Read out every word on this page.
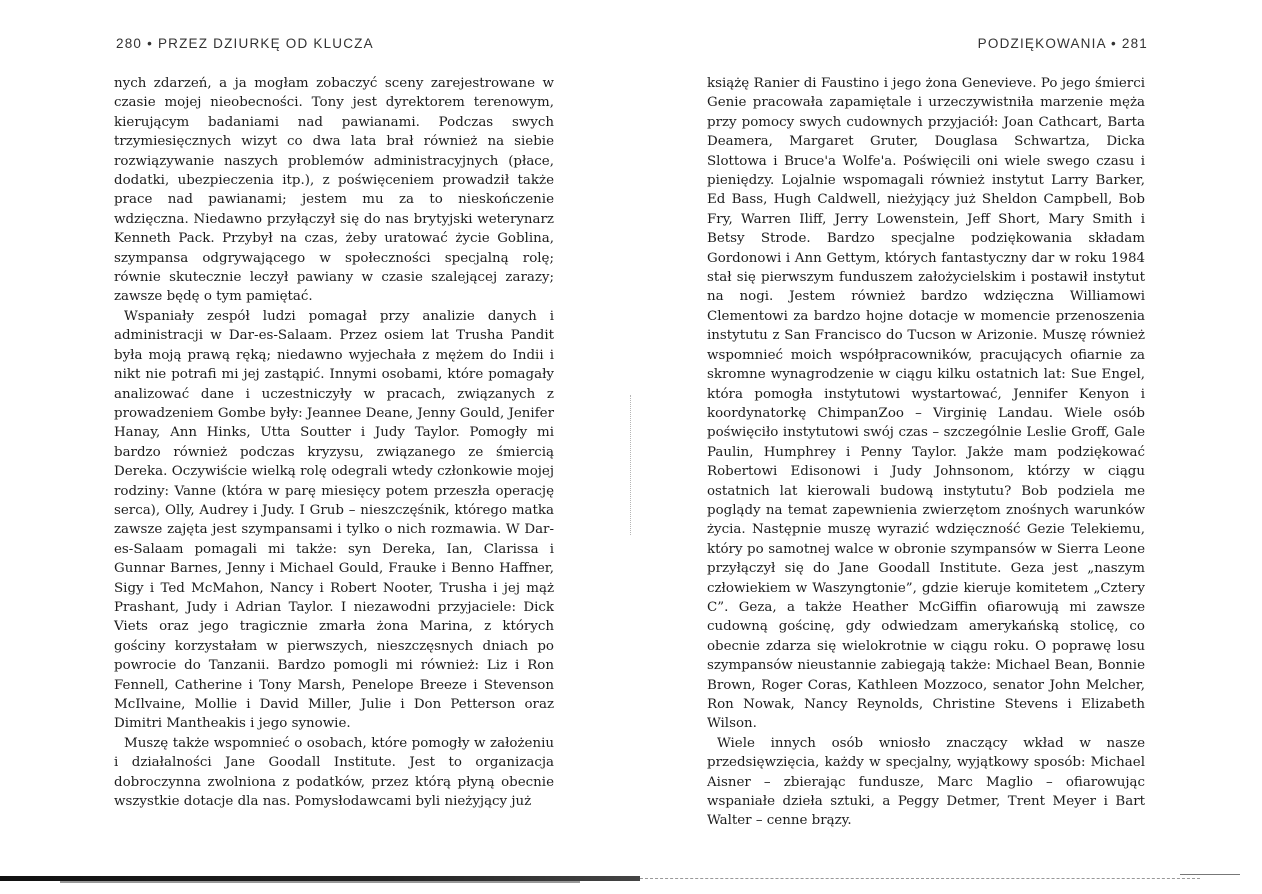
280 • PRZEZ DZIURKĘ OD KLUCZA

nych zdarzeń, a ja mogłam zobaczyć sceny zarejestrowane w czasie mojej nieobecności. Tony jest dyrektorem terenowym, kierującym badaniami nad pawianami. Podczas swych trzymiesięcznych wizyt co dwa lata brał również na siebie rozwiązywanie naszych problemów administracyjnych (płace, dodatki, ubezpieczenia itp.), z poświęceniem prowadził także prace nad pawianami; jestem mu za to nieskończenie wdzięczna. Niedawno przyłączył się do nas brytyjski weterynarz Kenneth Pack. Przybył na czas, żeby uratować życie Goblina, szympansa odgrywającego w społeczności specjalną rolę; równie skutecznie leczył pawiany w czasie szalejącej zarazy; zawsze będę o tym pamiętać.

Wspaniały zespół ludzi pomagał przy analizie danych i administracji w Dar-es-Salaam. Przez osiem lat Trusha Pandit była moją prawą ręką; niedawno wyjechała z mężem do Indii i nikt nie potrafi mi jej zastąpić. Innymi osobami, które pomagały analizować dane i uczestniczyły w pracach, związanych z prowadzeniem Gombe były: Jeannee Deane, Jenny Gould, Jenifer Hanay, Ann Hinks, Utta Soutter i Judy Taylor. Pomogły mi bardzo również podczas kryzysu, związanego ze śmiercią Dereka. Oczywiście wielką rolę odegrali wtedy członkowie mojej rodziny: Vanne (która w parę miesięcy potem przeszła operację serca), Olly, Audrey i Judy. I Grub – nieszczęśnik, którego matka zawsze zajęta jest szympansami i tylko o nich rozmawia. W Dar-es-Salaam pomagali mi także: syn Dereka, Ian, Clarissa i Gunnar Barnes, Jenny i Michael Gould, Frauke i Benno Haffner, Sigy i Ted McMahon, Nancy i Robert Nooter, Trusha i jej mąż Prashant, Judy i Adrian Taylor. I niezawodni przyjaciele: Dick Viets oraz jego tragicznie zmarła żona Marina, z których gościny korzystałam w pierwszych, nieszczęsnych dniach po powrocie do Tanzanii. Bardzo pomogli mi również: Liz i Ron Fennell, Catherine i Tony Marsh, Penelope Breeze i Stevenson McIlvaine, Mollie i David Miller, Julie i Don Petterson oraz Dimitri Mantheakis i jego synowie.

Muszę także wspomnieć o osobach, które pomogły w założeniu i działalności Jane Goodall Institute. Jest to organizacja dobroczynna zwolniona z podatków, przez którą płyną obecnie wszystkie dotacje dla nas. Pomysłodawcami byli nieżyjący już

PODZIĘKOWANIA • 281

książę Ranier di Faustino i jego żona Genevieve. Po jego śmierci Genie pracowała zapamiętale i urzeczywistniła marzenie męża przy pomocy swych cudownych przyjaciół: Joan Cathcart, Barta Deamera, Margaret Gruter, Douglasa Schwartza, Dicka Slottowa i Bruce'a Wolfe'a. Poświęcili oni wiele swego czasu i pieniędzy. Lojalnie wspomagali również instytut Larry Barker, Ed Bass, Hugh Caldwell, nieżyjący już Sheldon Campbell, Bob Fry, Warren Iliff, Jerry Lowenstein, Jeff Short, Mary Smith i Betsy Strode. Bardzo specjalne podziękowania składam Gordonowi i Ann Gettym, których fantastyczny dar w roku 1984 stał się pierwszym funduszem założycielskim i postawił instytut na nogi. Jestem również bardzo wdzięczna Williamowi Clementowi za bardzo hojne dotacje w momencie przenoszenia instytutu z San Francisco do Tucson w Arizonie. Muszę również wspomnieć moich współpracowników, pracujących ofiarnie za skromne wynagrodzenie w ciągu kilku ostatnich lat: Sue Engel, która pomogła instytutowi wystartować, Jennifer Kenyon i koordynatorkę ChimpanZoo – Virginię Landau. Wiele osób poświęciło instytutowi swój czas – szczególnie Leslie Groff, Gale Paulin, Humphrey i Penny Taylor. Jakże mam podziękować Robertowi Edisonowi i Judy Johnsonom, którzy w ciągu ostatnich lat kierowali budową instytutu? Bob podziela me poglądy na temat zapewnienia zwierzętom znośnych warunków życia. Następnie muszę wyrazić wdzięczność Gezie Telekiemu, który po samotnej walce w obronie szympansów w Sierra Leone przyłączył się do Jane Goodall Institute. Geza jest „naszym człowiekiem w Waszyngtonie”, gdzie kieruje komitetem „Cztery C”. Geza, a także Heather McGiffin ofiarowują mi zawsze cudowną gościnę, gdy odwiedzam amerykańską stolicę, co obecnie zdarza się wielokrotnie w ciągu roku. O poprawę losu szympansów nieustannie zabiegają także: Michael Bean, Bonnie Brown, Roger Coras, Kathleen Mozzoco, senator John Melcher, Ron Nowak, Nancy Reynolds, Christine Stevens i Elizabeth Wilson.

Wiele innych osób wniosło znaczący wkład w nasze przedsięwzięcia, każdy w specjalny, wyjątkowy sposób: Michael Aisner – zbierając fundusze, Marc Maglio – ofiarowując wspaniałe dzieła sztuki, a Peggy Detmer, Trent Meyer i Bart Walter – cenne brązy.
